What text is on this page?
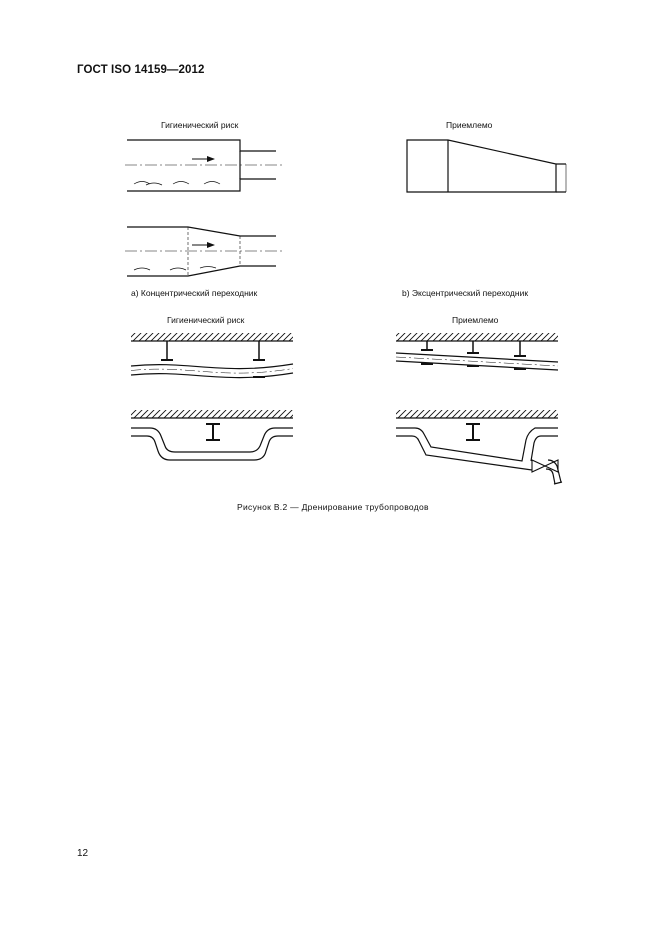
ГОСТ ISO 14159—2012
Гигиенический риск	Приемлемо
а) Концентрический переходник	b) Эксцентрический переходник
Гигиенический риск	Приемлемо
Рисунок В.2 — Дренирование трубопроводов
12
